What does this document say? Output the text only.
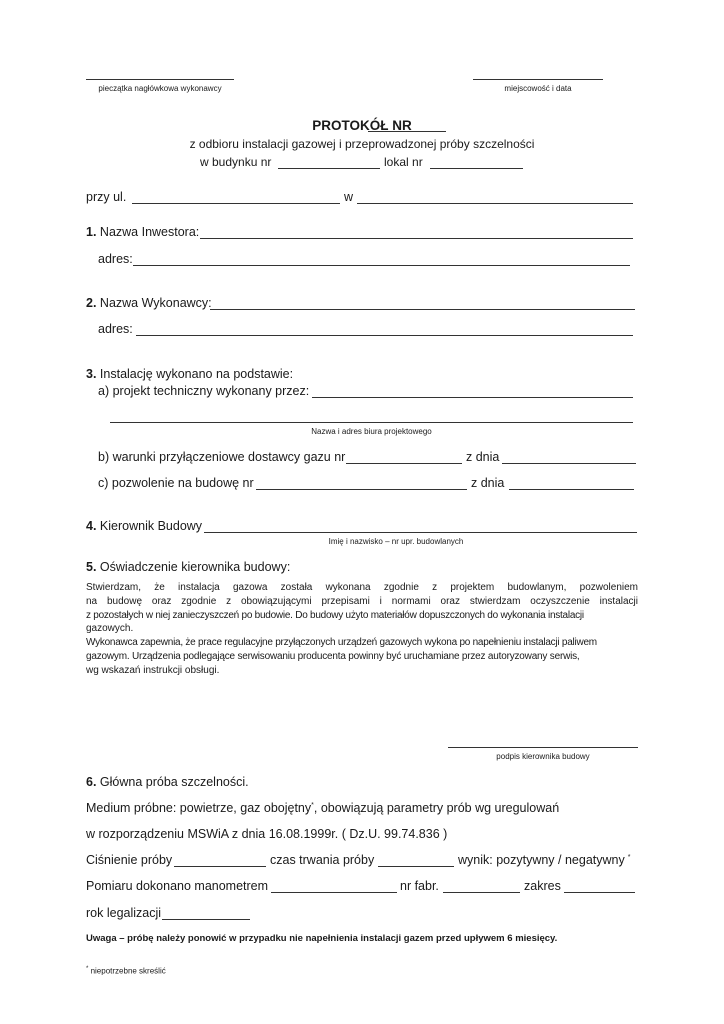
pieczątka nagłówkowa wykonawcy	miejscowość i data
PROTOKÓŁ NR
z odbioru instalacji gazowej i przeprowadzonej próby szczelności
w budynku nr	lokal nr
przy ul.	w
1. Nazwa Inwestora:
adres:
2. Nazwa Wykonawcy:
adres:
3. Instalację wykonano na podstawie:
a) projekt techniczny wykonany przez:
Nazwa i adres biura projektowego
b) warunki przyłączeniowe dostawcy gazu nr	z dnia
c) pozwolenie na budowę nr	z dnia
4. Kierownik Budowy
Imię i nazwisko – nr upr. budowlanych
5. Oświadczenie kierownika budowy:
Stwierdzam, że instalacja gazowa została wykonana zgodnie z projektem budowlanym, pozwoleniem
na budowę oraz zgodnie z obowiązującymi przepisami i normami oraz stwierdzam oczyszczenie instalacji
z pozostałych w niej zanieczyszczeń po budowie. Do budowy użyto materiałów dopuszczonych do wykonania instalacji
gazowych.
Wykonawca zapewnia, że prace regulacyjne przyłączonych urządzeń gazowych wykona po napełnieniu instalacji paliwem
gazowym. Urządzenia podlegające serwisowaniu producenta powinny być uruchamiane przez autoryzowany serwis,
wg wskazań instrukcji obsługi.
podpis kierownika budowy
6. Główna próba szczelności.
Medium próbne: powietrze, gaz obojętny*, obowiązują parametry prób wg uregulowań
w rozporządzeniu MSWiA z dnia 16.08.1999r. ( Dz.U. 99.74.836 )
Ciśnienie próby	czas trwania próby	wynik: pozytywny / negatywny *
Pomiaru dokonano manometrem	nr fabr.	zakres
rok legalizacji
Uwaga – próbę należy ponowić w przypadku nie napełnienia instalacji gazem przed upływem 6 miesięcy.
* niepotrzebne skreślić
